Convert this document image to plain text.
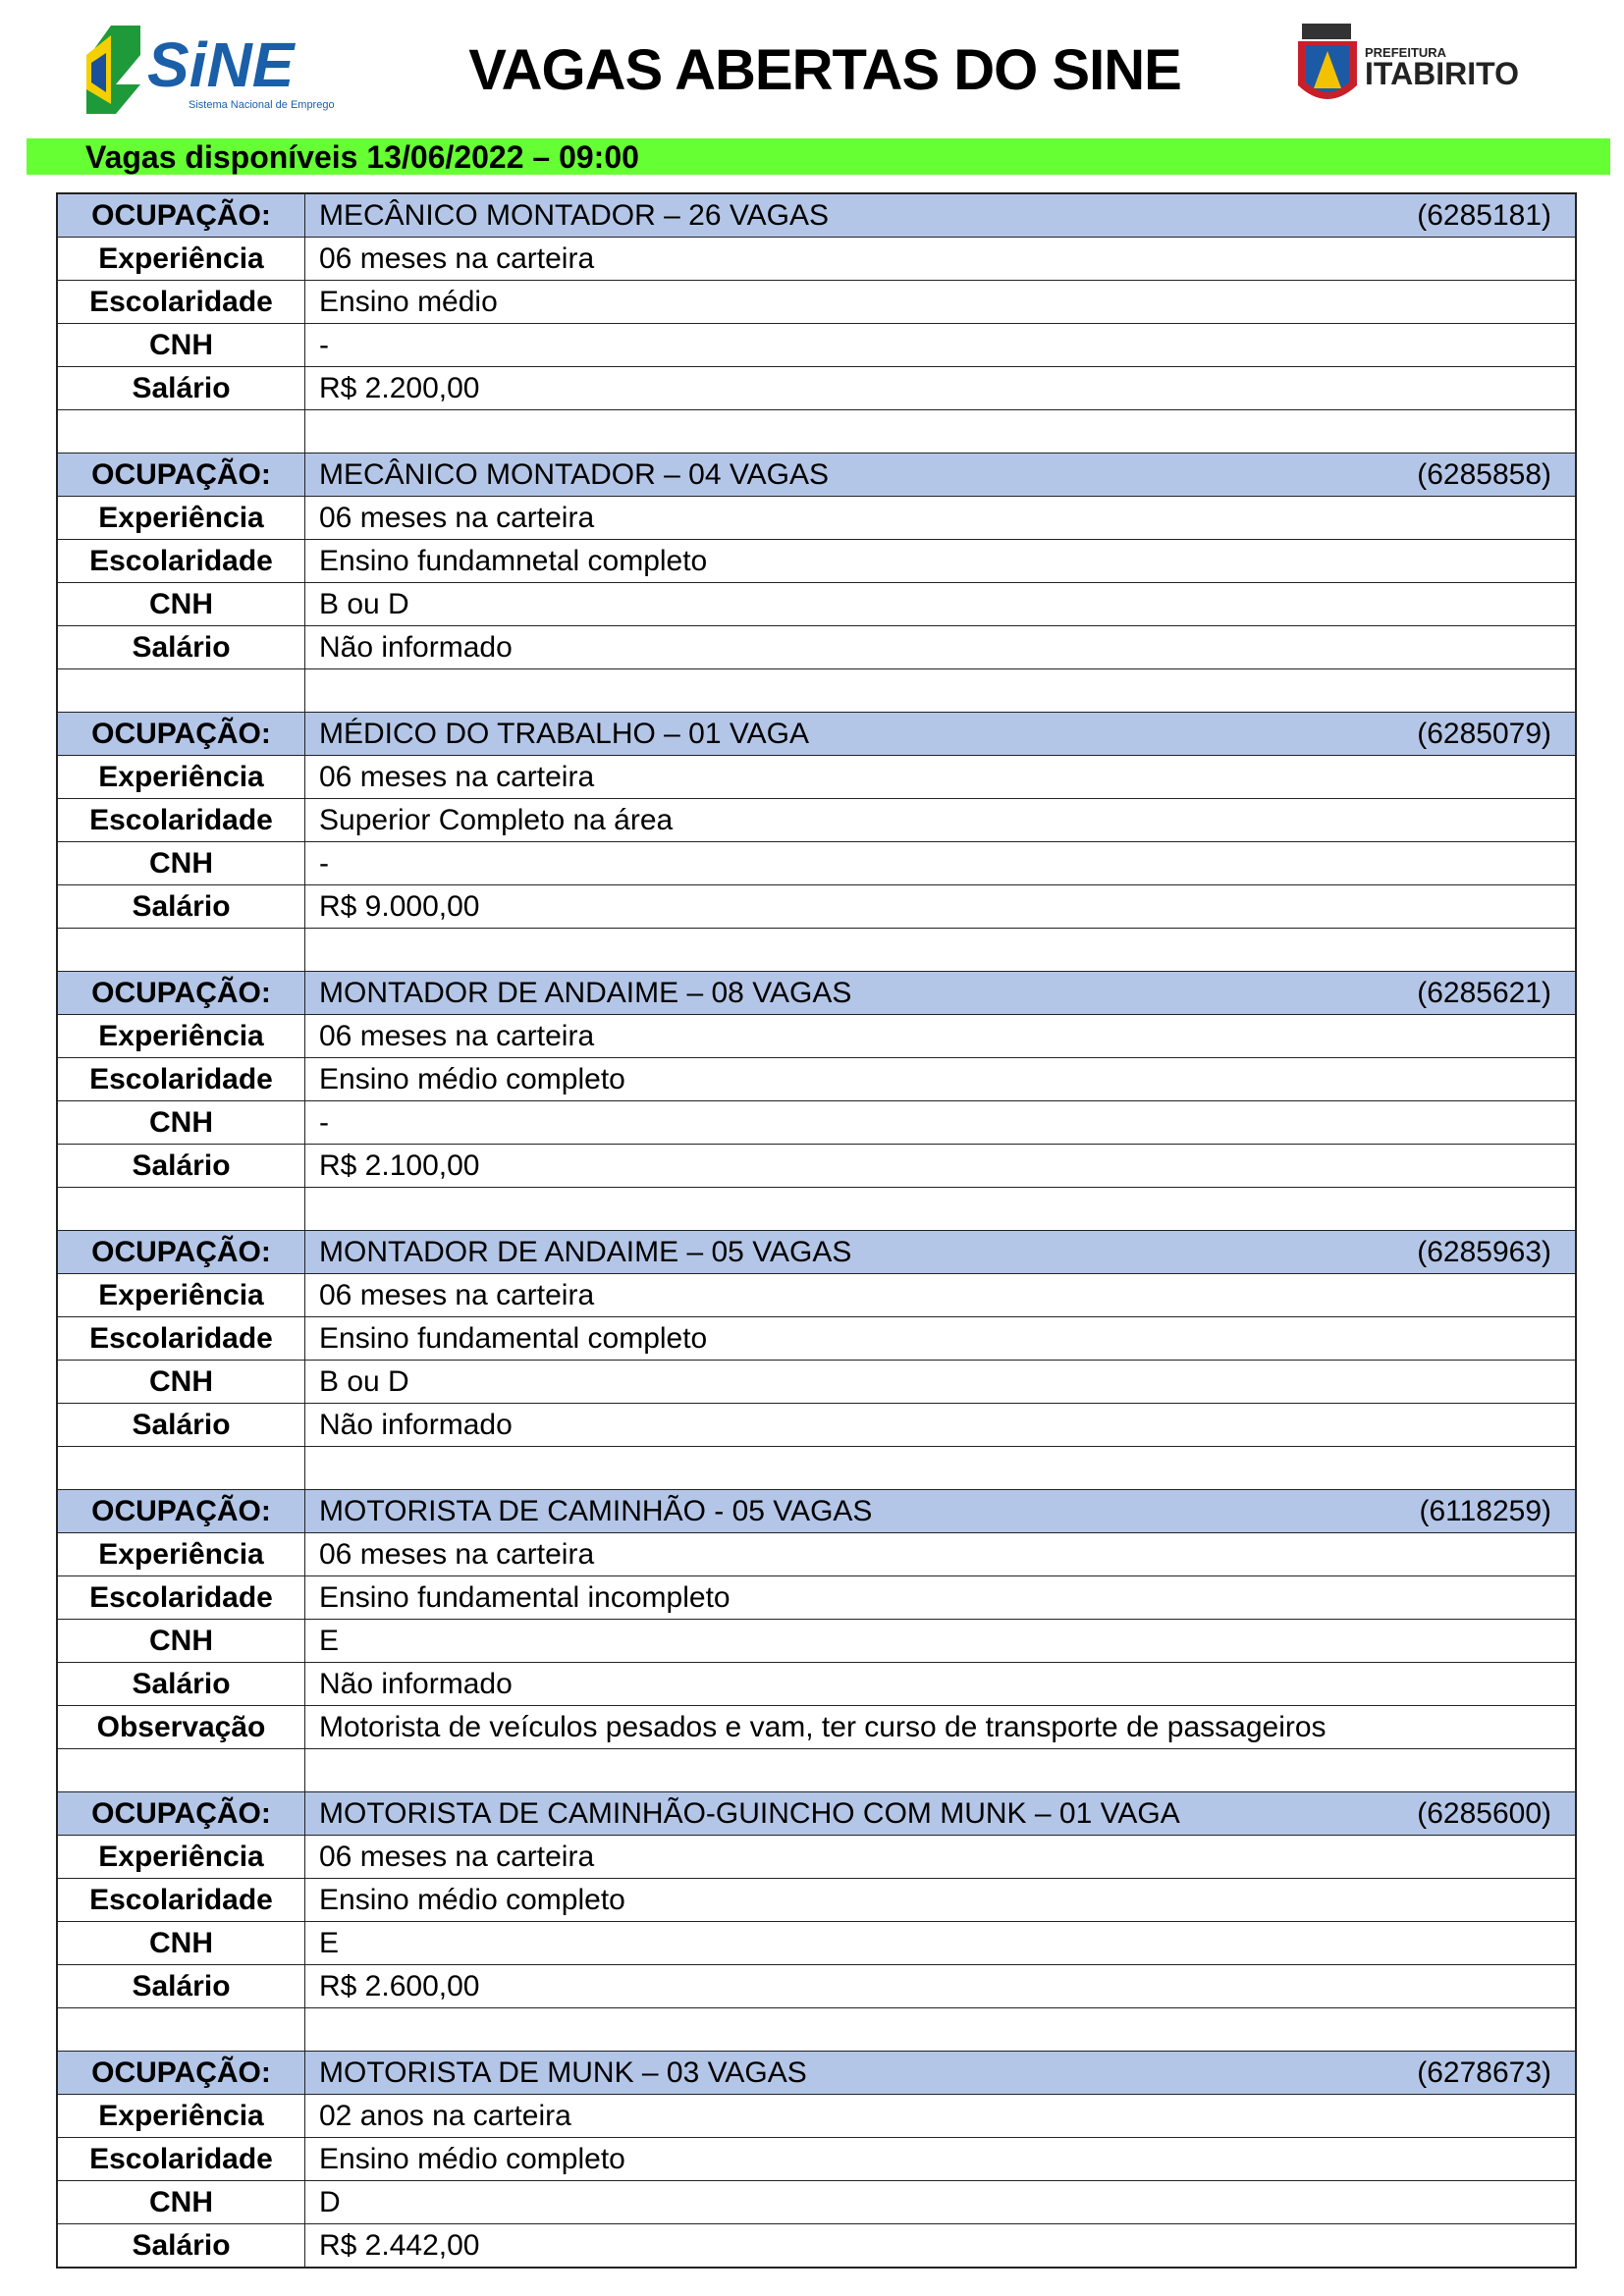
SiNE
Sistema Nacional de Emprego
VAGAS ABERTAS DO SINE	PREFEITURA
ITABIRITO
Vagas disponíveis 13/06/2022 – 09:00
OCUPAÇÃO:	MECÂNICO MONTADOR – 26 VAGAS (6285181)

Experiência	06 meses na carteira
Escolaridade	Ensino médio
CNH	-
Salário	R$ 2.200,00

OCUPAÇÃO:	MECÂNICO MONTADOR – 04 VAGAS (6285858)

Experiência	06 meses na carteira
Escolaridade	Ensino fundamnetal completo
CNH	B ou D
Salário	Não informado

OCUPAÇÃO:	MÉDICO DO TRABALHO – 01 VAGA (6285079)

Experiência	06 meses na carteira
Escolaridade	Superior Completo na área
CNH	-
Salário	R$ 9.000,00

OCUPAÇÃO:	MONTADOR DE ANDAIME – 08 VAGAS (6285621)

Experiência	06 meses na carteira
Escolaridade	Ensino médio completo
CNH	-
Salário	R$ 2.100,00

OCUPAÇÃO:	MONTADOR DE ANDAIME – 05 VAGAS (6285963)

Experiência	06 meses na carteira
Escolaridade	Ensino fundamental completo
CNH	B ou D
Salário	Não informado

OCUPAÇÃO:	MOTORISTA DE CAMINHÃO - 05 VAGAS (6118259)

Experiência	06 meses na carteira
Escolaridade	Ensino fundamental incompleto
CNH	E
Salário	Não informado
Observação	Motorista de veículos pesados e vam, ter curso de transporte de passageiros

OCUPAÇÃO:	MOTORISTA DE CAMINHÃO-GUINCHO COM MUNK – 01 VAGA (6285600)

Experiência	06 meses na carteira
Escolaridade	Ensino médio completo
CNH	E
Salário	R$ 2.600,00

OCUPAÇÃO:	MOTORISTA DE MUNK – 03 VAGAS (6278673)

Experiência	02 anos na carteira
Escolaridade	Ensino médio completo
CNH	D
Salário	R$ 2.442,00
